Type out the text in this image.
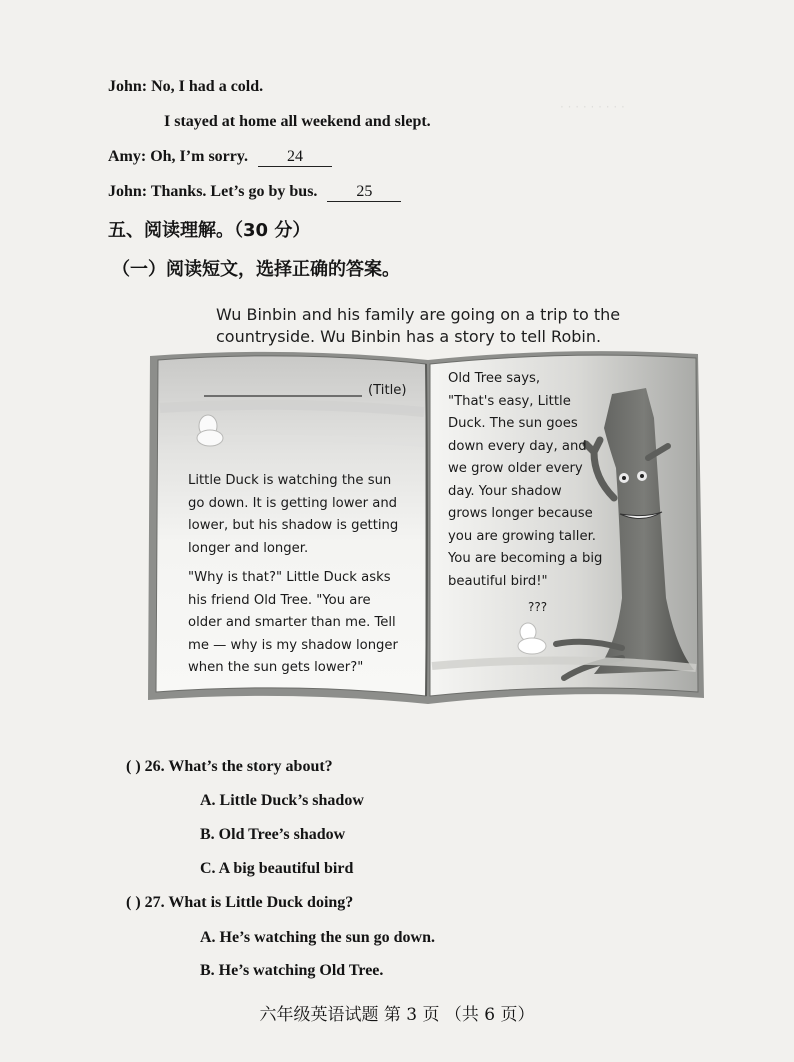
· · · · · · · · ·
John: No, I had a cold.
I stayed at home all weekend and slept.
Amy: Oh, I’m sorry. 24
John: Thanks. Let’s go by bus. 25
五、阅读理解。（30 分）
（一）阅读短文，选择正确的答案。
Wu Binbin and his family are going on a trip to the
countryside. Wu Binbin has a story to tell Robin.
(Title)
Little Duck is watching the sun
go down. It is getting lower and
lower, but his shadow is getting
longer and longer.
"Why is that?" Little Duck asks
his friend Old Tree. "You are
older and smarter than me. Tell
me — why is my shadow longer
when the sun gets lower?"
Old Tree says,
"That's easy, Little
Duck. The sun goes
down every day, and
we grow older every
day. Your shadow
grows longer because
you are growing taller.
You are becoming a big
beautiful bird!"
???
( ) 26. What’s the story about?
A. Little Duck’s shadow
B. Old Tree’s shadow
C. A big beautiful bird
( ) 27. What is Little Duck doing?
A. He’s watching the sun go down.
B. He’s watching Old Tree.
六年级英语试题 第 3 页 （共 6 页）
